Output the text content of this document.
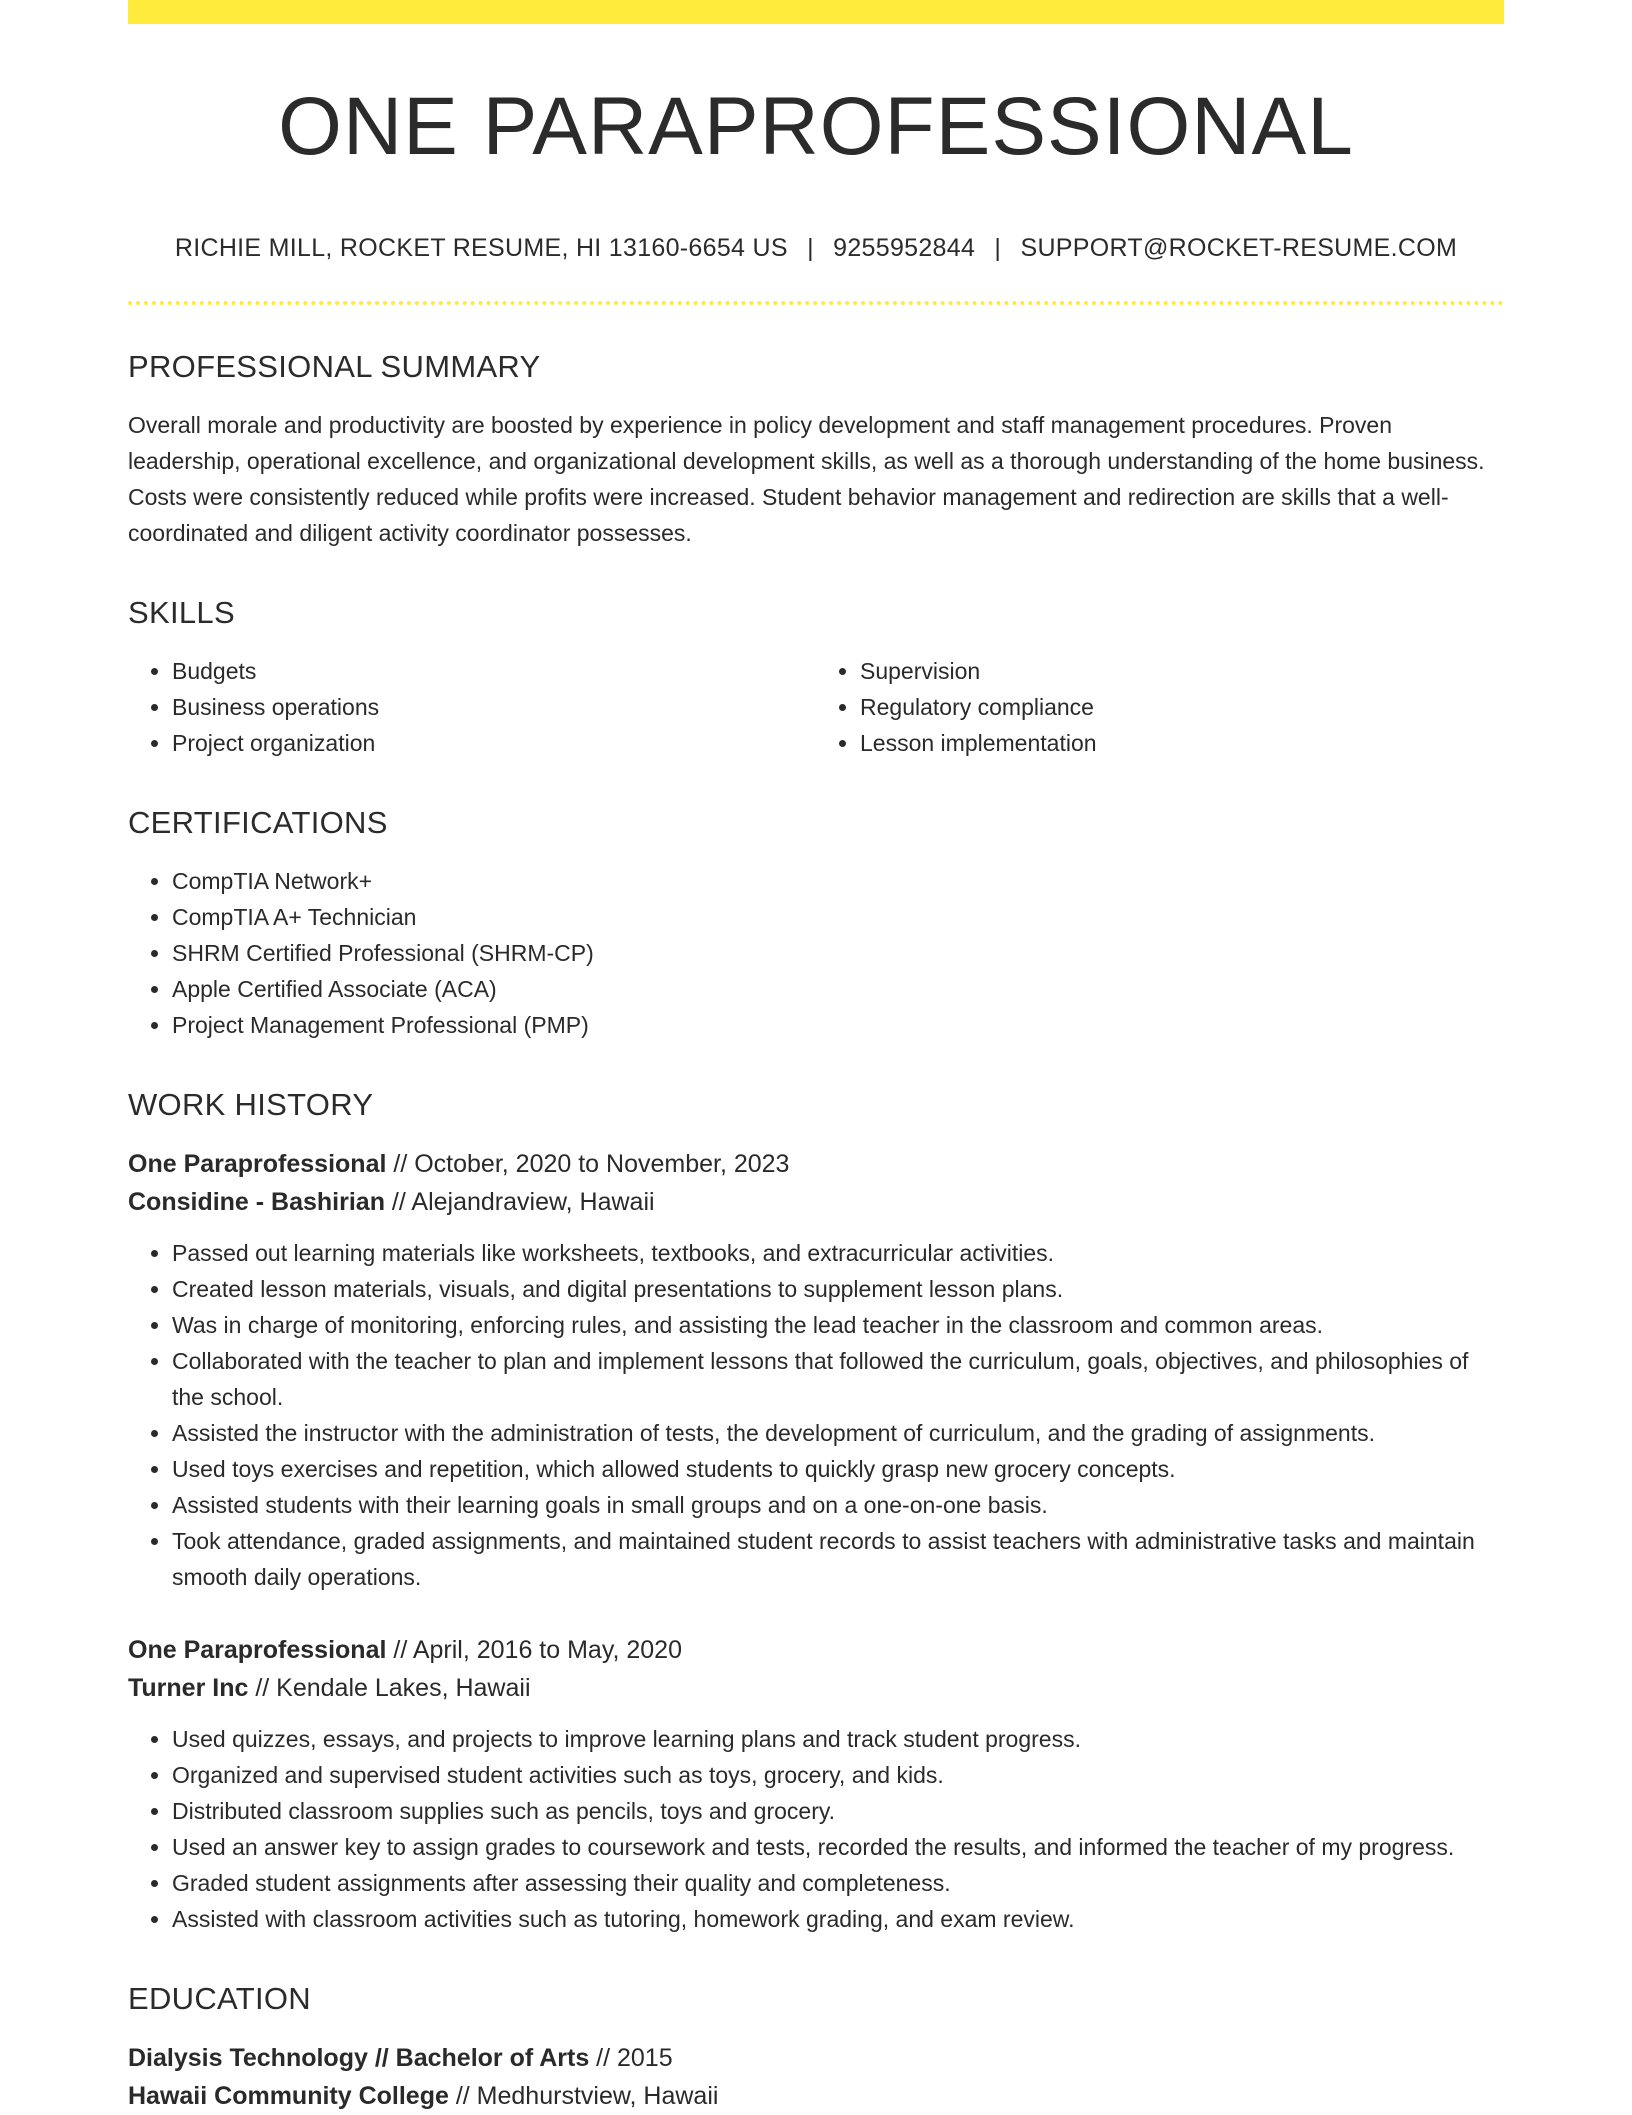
ONE PARAPROFESSIONAL
RICHIE MILL, ROCKET RESUME, HI 13160-6654 US | 9255952844 | SUPPORT@ROCKET-RESUME.COM
PROFESSIONAL SUMMARY

Overall morale and productivity are boosted by experience in policy development and staff management procedures. Proven leadership, operational excellence, and organizational development skills, as well as a thorough understanding of the home business. Costs were consistently reduced while profits were increased. Student behavior management and redirection are skills that a well-coordinated and diligent activity coordinator possesses.

SKILLS
• Budgets
• Business operations
• Project organization
• Supervision
• Regulatory compliance
• Lesson implementation
CERTIFICATIONS
• CompTIA Network+
• CompTIA A+ Technician
• SHRM Certified Professional (SHRM-CP)
• Apple Certified Associate (ACA)
• Project Management Professional (PMP)
WORK HISTORY
One Paraprofessional // October, 2020 to November, 2023
Considine - Bashirian // Alejandraview, Hawaii
• Passed out learning materials like worksheets, textbooks, and extracurricular activities.
• Created lesson materials, visuals, and digital presentations to supplement lesson plans.
• Was in charge of monitoring, enforcing rules, and assisting the lead teacher in the classroom and common areas.
• Collaborated with the teacher to plan and implement lessons that followed the curriculum, goals, objectives, and philosophies of the school.
• Assisted the instructor with the administration of tests, the development of curriculum, and the grading of assignments.
• Used toys exercises and repetition, which allowed students to quickly grasp new grocery concepts.
• Assisted students with their learning goals in small groups and on a one-on-one basis.
• Took attendance, graded assignments, and maintained student records to assist teachers with administrative tasks and maintain smooth daily operations.
One Paraprofessional // April, 2016 to May, 2020
Turner Inc // Kendale Lakes, Hawaii
• Used quizzes, essays, and projects to improve learning plans and track student progress.
• Organized and supervised student activities such as toys, grocery, and kids.
• Distributed classroom supplies such as pencils, toys and grocery.
• Used an answer key to assign grades to coursework and tests, recorded the results, and informed the teacher of my progress.
• Graded student assignments after assessing their quality and completeness.
• Assisted with classroom activities such as tutoring, homework grading, and exam review.
EDUCATION
Dialysis Technology // Bachelor of Arts // 2015
Hawaii Community College // Medhurstview, Hawaii
